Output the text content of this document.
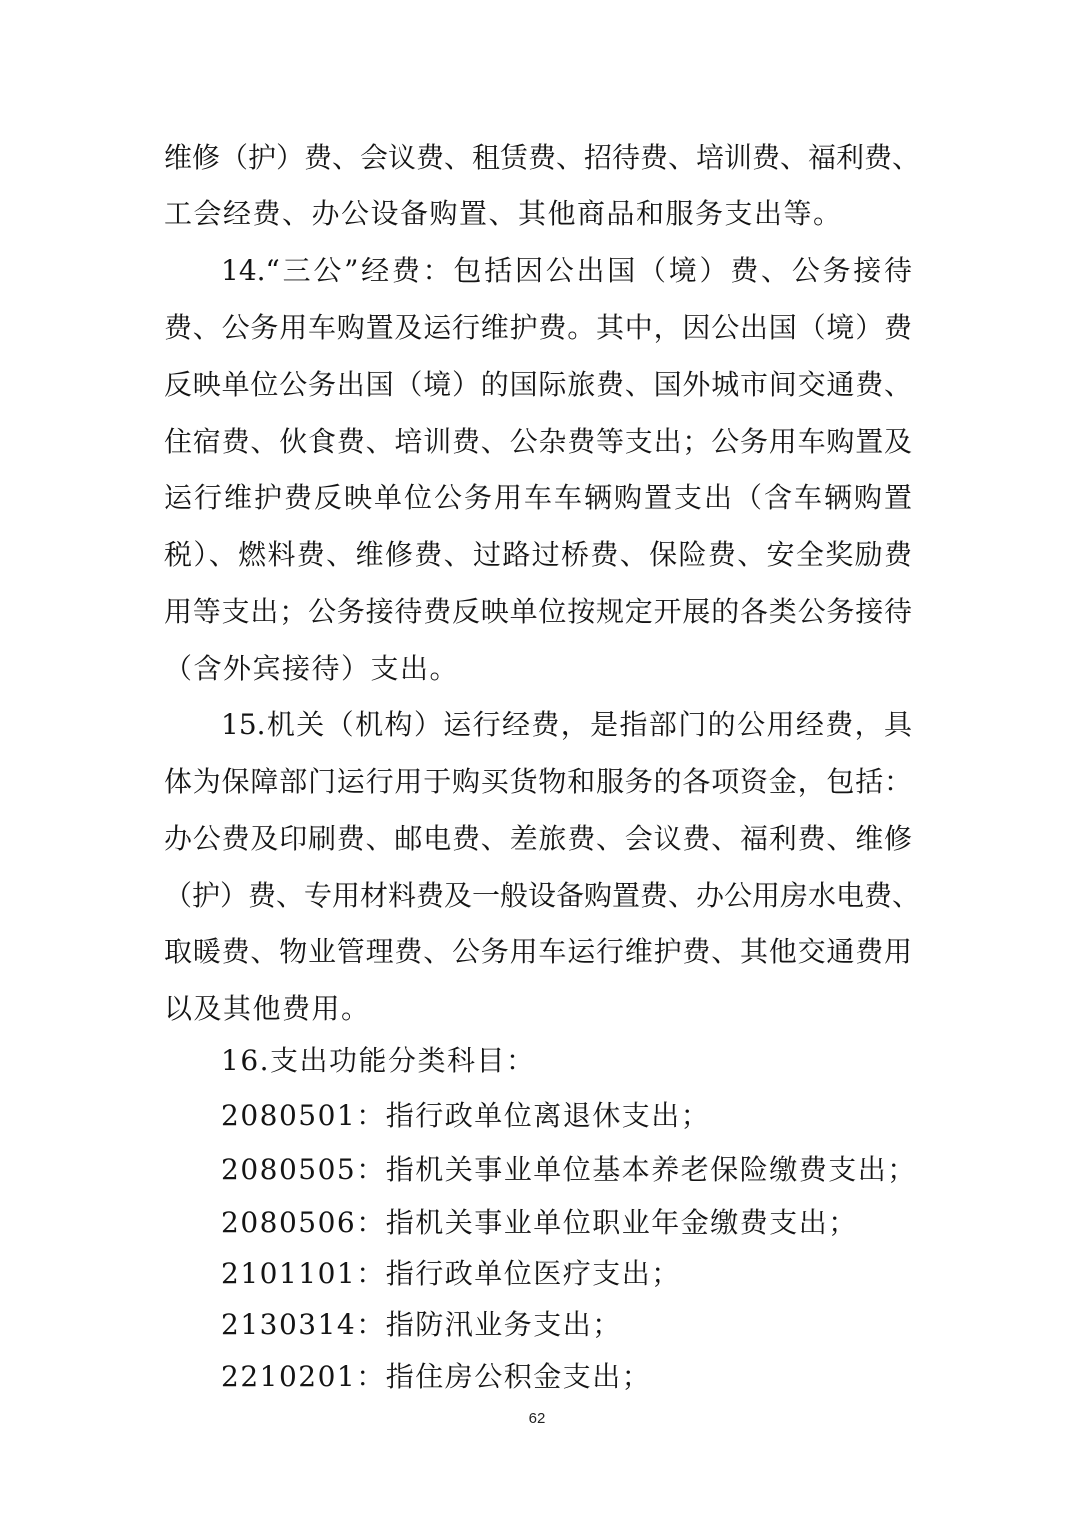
维修（护）费、会议费、租赁费、招待费、培训费、福利费、
工会经费、办公设备购置、其他商品和服务支出等。
14.“三公”经费：包括因公出国（境）费、公务接待
费、公务用车购置及运行维护费。其中，因公出国（境）费
反映单位公务出国（境）的国际旅费、国外城市间交通费、
住宿费、伙食费、培训费、公杂费等支出；公务用车购置及
运行维护费反映单位公务用车车辆购置支出（含车辆购置
税）、燃料费、维修费、过路过桥费、保险费、安全奖励费
用等支出；公务接待费反映单位按规定开展的各类公务接待
（含外宾接待）支出。
15.机关（机构）运行经费，是指部门的公用经费，具
体为保障部门运行用于购买货物和服务的各项资金，包括：
办公费及印刷费、邮电费、差旅费、会议费、福利费、维修
（护）费、专用材料费及一般设备购置费、办公用房水电费、
取暖费、物业管理费、公务用车运行维护费、其他交通费用
以及其他费用。
16.支出功能分类科目：
2080501：指行政单位离退休支出；
2080505：指机关事业单位基本养老保险缴费支出；
2080506：指机关事业单位职业年金缴费支出；
2101101：指行政单位医疗支出；
2130314：指防汛业务支出；
2210201：指住房公积金支出；
62
